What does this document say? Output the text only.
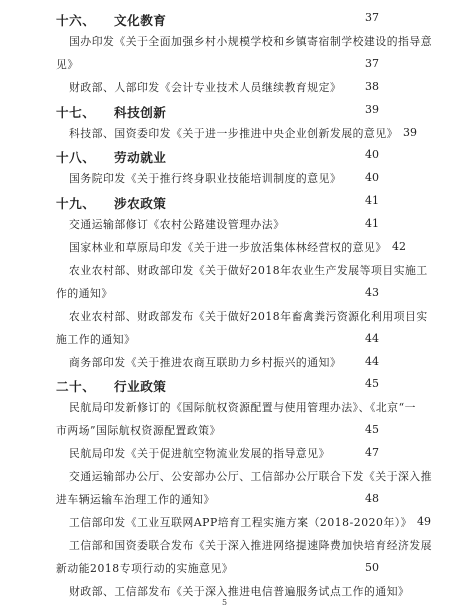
十六、 文化教育	37
国办印发《关于全面加强乡村小规模学校和乡镇寄宿制学校建设的指导意
见》	37
财政部、人部印发《会计专业技术人员继续教育规定》 38
十七、 科技创新	39
科技部、国资委印发《关于进一步推进中央企业创新发展的意见》 39
十八、 劳动就业	40
国务院印发《关于推行终身职业技能培训制度的意见》 40
十九、 涉农政策	41
交通运输部修订《农村公路建设管理办法》	41
国家林业和草原局印发《关于进一步放活集体林经营权的意见》 42
农业农村部、财政部印发《关于做好2018年农业生产发展等项目实施工
作的通知》	43
农业农村部、财政部发布《关于做好2018年畜禽粪污资源化利用项目实
施工作的通知》	44
商务部印发《关于推进农商互联助力乡村振兴的通知》 44
二十、 行业政策	45
民航局印发新修订的《国际航权资源配置与使用管理办法》、《北京“一
市两场”国际航权资源配置政策》	45
民航局印发《关于促进航空物流业发展的指导意见》	47
交通运输部办公厅、公安部办公厅、工信部办公厅联合下发《关于深入推
进车辆运输车治理工作的通知》	48
工信部印发《工业互联网APP培育工程实施方案（2018-2020年）》 49
工信部和国资委联合发布《关于深入推进网络提速降费加快培育经济发展
新动能2018专项行动的实施意见》	50
财政部、工信部发布《关于深入推进电信普遍服务试点工作的通知》
5
